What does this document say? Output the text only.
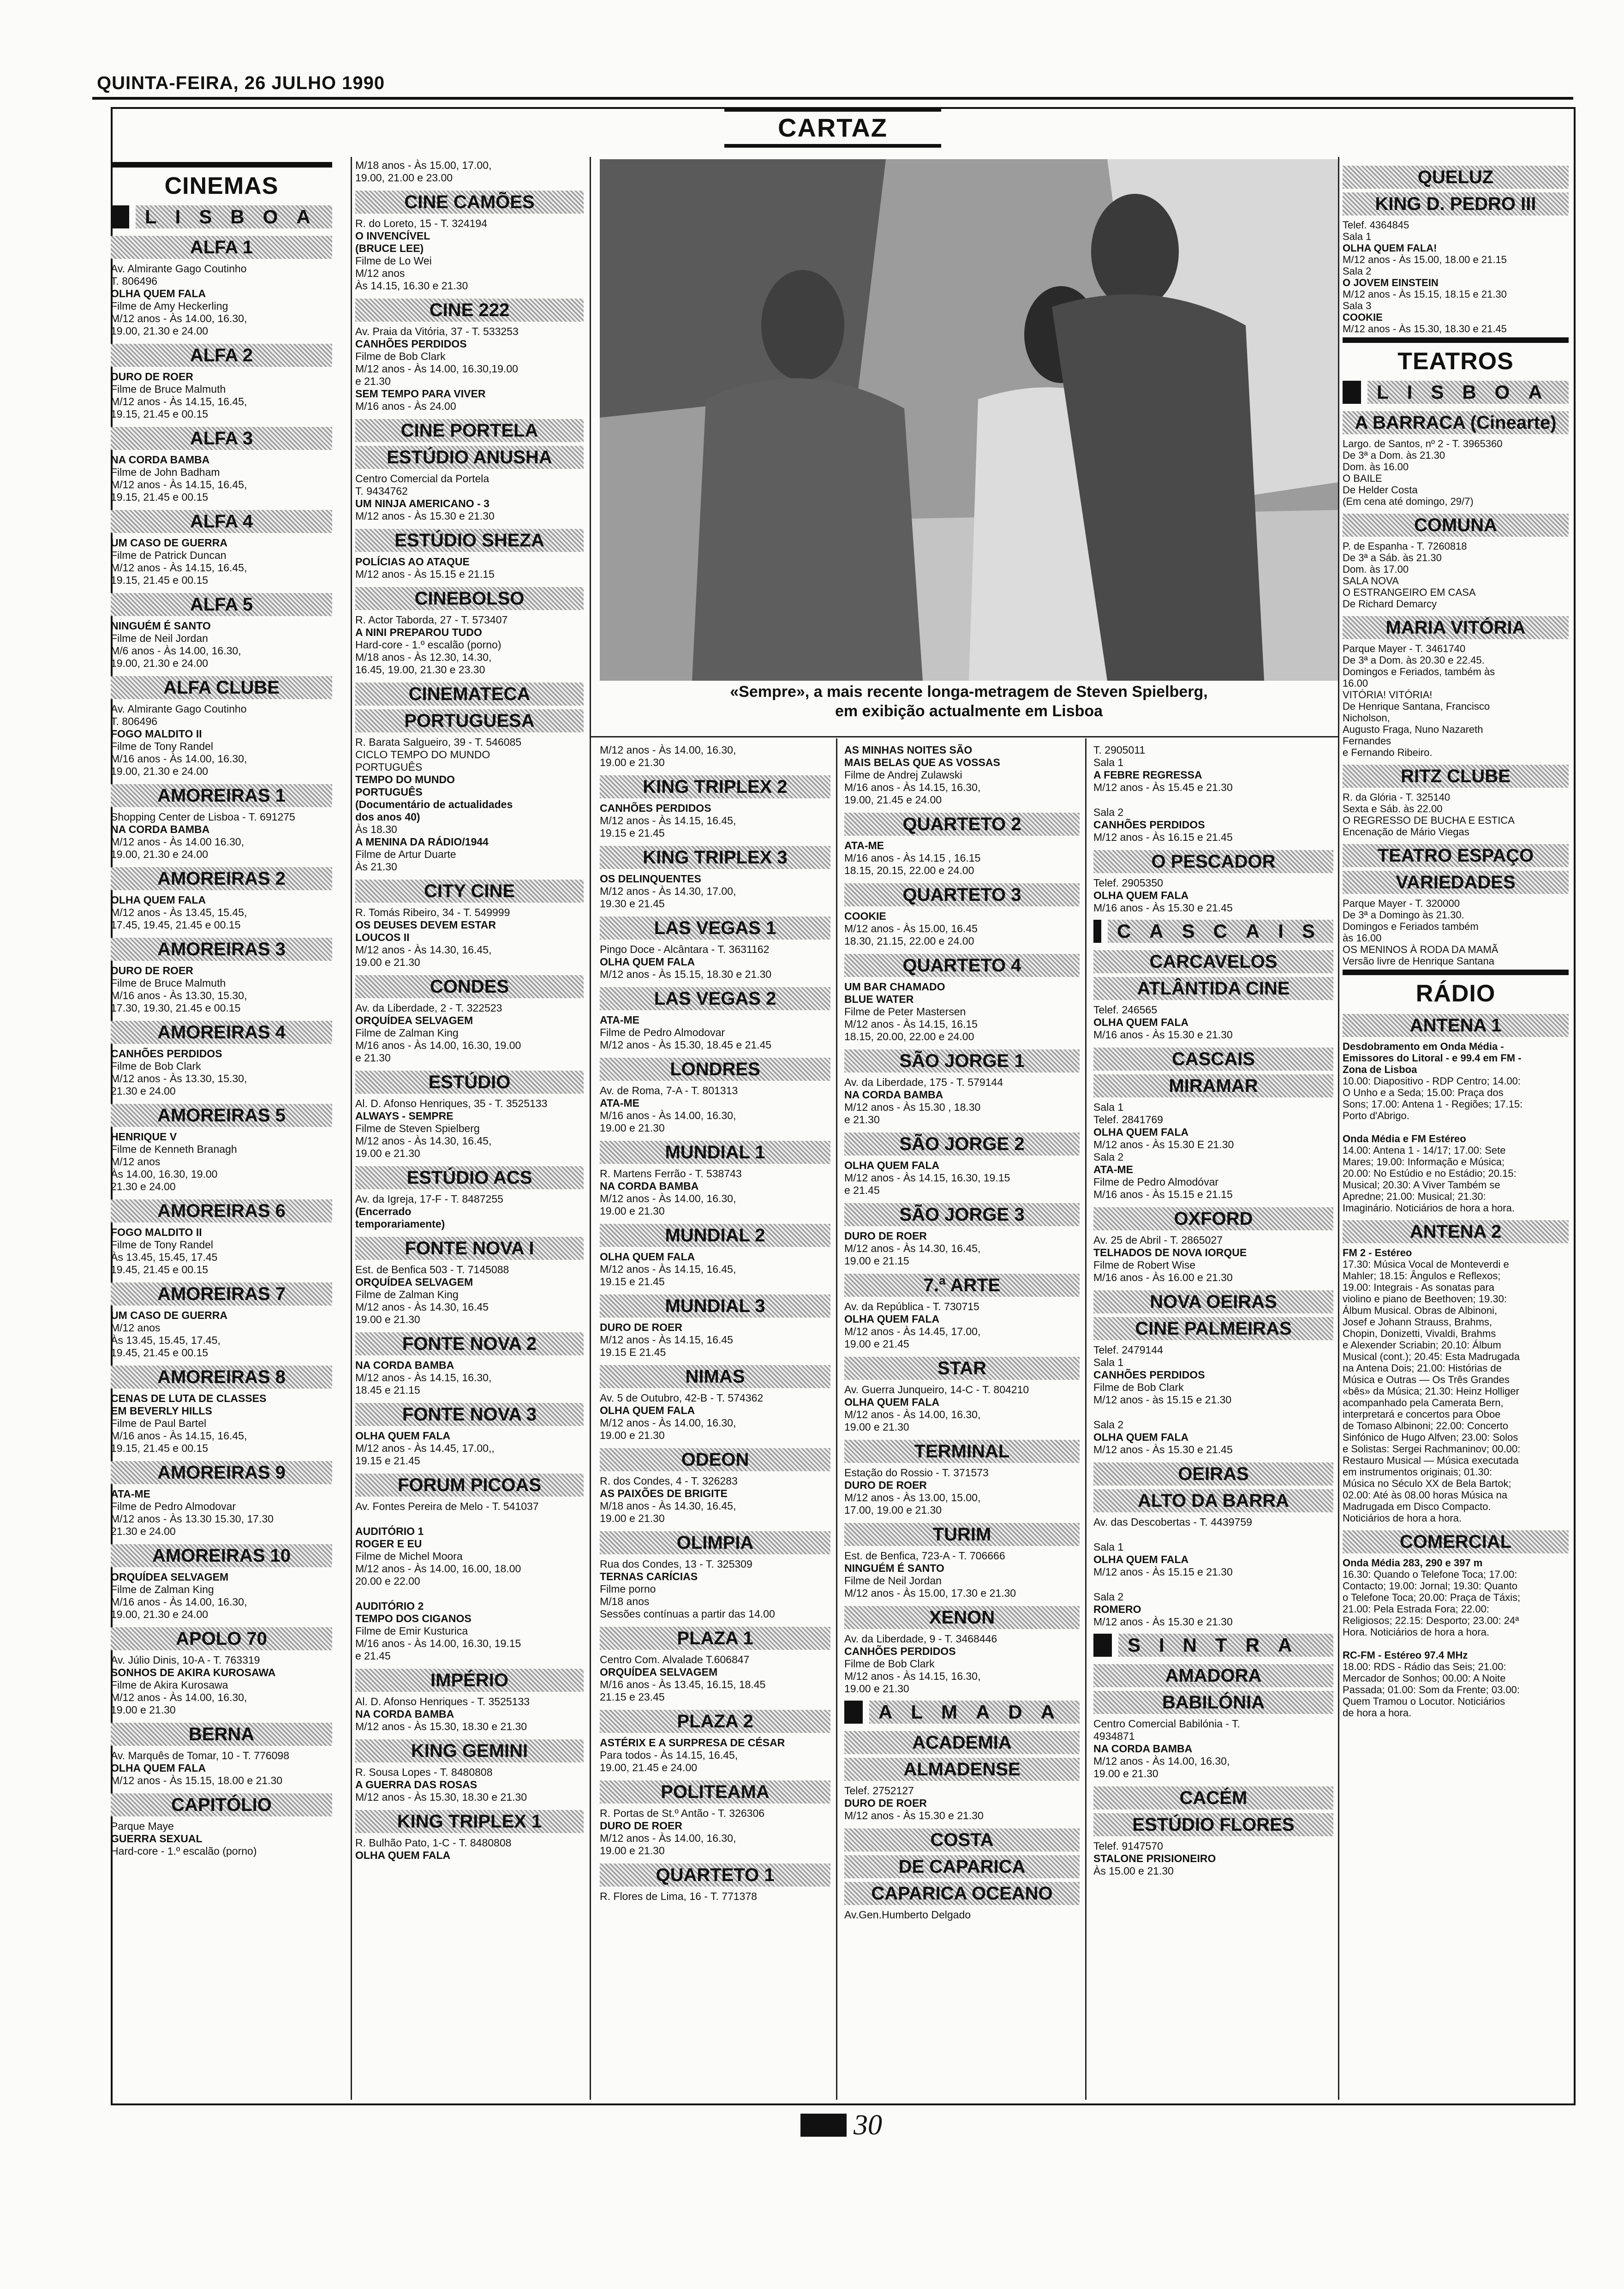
QUINTA-FEIRA, 26 JULHO 1990
CARTAZ
«Sempre», a mais recente longa-metragem de Steven Spielberg,
em exibição actualmente em Lisboa
CINEMAS
LISBOA
ALFA 1
Av. Almirante Gago Coutinho
T. 806496
OLHA QUEM FALA
Filme de Amy Heckerling
M/12 anos - Às 14.00, 16.30,
19.00, 21.30 e 24.00
ALFA 2
DURO DE ROER
Filme de Bruce Malmuth
M/12 anos - Às 14.15, 16.45,
19.15, 21.45 e 00.15
ALFA 3
NA CORDA BAMBA
Filme de John Badham
M/12 anos - Às 14.15, 16.45,
19.15, 21.45 e 00.15
ALFA 4
UM CASO DE GUERRA
Filme de Patrick Duncan
M/12 anos - Às 14.15, 16.45,
19.15, 21.45 e 00.15
ALFA 5
NINGUÉM É SANTO
Filme de Neil Jordan
M/6 anos - Às 14.00, 16.30,
19.00, 21.30 e 24.00
ALFA CLUBE
Av. Almirante Gago Coutinho
T. 806496
FOGO MALDITO II
Filme de Tony Randel
M/16 anos - Às 14.00, 16.30,
19.00, 21.30 e 24.00
AMOREIRAS 1
Shopping Center de Lisboa - T. 691275
NA CORDA BAMBA
M/12 anos - Às 14.00 16.30,
19.00, 21.30 e 24.00
AMOREIRAS 2
OLHA QUEM FALA
M/12 anos - Às 13.45, 15.45,
17.45, 19.45, 21.45 e 00.15
AMOREIRAS 3
DURO DE ROER
Filme de Bruce Malmuth
M/16 anos - Às 13.30, 15.30,
17.30, 19.30, 21.45 e 00.15
AMOREIRAS 4
CANHÕES PERDIDOS
Filme de Bob Clark
M/12 anos - Às 13.30, 15.30,
21.30 e 24.00
AMOREIRAS 5
HENRIQUE V
Filme de Kenneth Branagh
M/12 anos
Às 14.00, 16.30, 19.00
21.30 e 24.00
AMOREIRAS 6
FOGO MALDITO II
Filme de Tony Randel
Às 13.45, 15.45, 17.45
19.45, 21.45 e 00.15
AMOREIRAS 7
UM CASO DE GUERRA
M/12 anos
Às 13.45, 15.45, 17.45,
19.45, 21.45 e 00.15
AMOREIRAS 8
CENAS DE LUTA DE CLASSES
EM BEVERLY HILLS
Filme de Paul Bartel
M/16 anos - Às 14.15, 16.45,
19.15, 21.45 e 00.15
AMOREIRAS 9
ATA-ME
Filme de Pedro Almodovar
M/12 anos - Às 13.30 15.30, 17.30
21.30 e 24.00
AMOREIRAS 10
ORQUÍDEA SELVAGEM
Filme de Zalman King
M/16 anos - Às 14.00, 16.30,
19.00, 21.30 e 24.00
APOLO 70
Av. Júlio Dinis, 10-A - T. 763319
SONHOS DE AKIRA KUROSAWA
Filme de Akira Kurosawa
M/12 anos - Às 14.00, 16.30,
19.00 e 21.30
BERNA
Av. Marquês de Tomar, 10 - T. 776098
OLHA QUEM FALA
M/12 anos - Às 15.15, 18.00 e 21.30
CAPITÓLIO
Parque Maye
GUERRA SEXUAL
Hard-core - 1.º escalão (porno)
M/18 anos - Às 15.00, 17.00,
19.00, 21.00 e 23.00
CINE CAMÕES
R. do Loreto, 15 - T. 324194
O INVENCÍVEL
(BRUCE LEE)
Filme de Lo Wei
M/12 anos
Às 14.15, 16.30 e 21.30
CINE 222
Av. Praia da Vitória, 37 - T. 533253
CANHÕES PERDIDOS
Filme de Bob Clark
M/12 anos - Às 14.00, 16.30,19.00
e 21.30
SEM TEMPO PARA VIVER
M/16 anos - Às 24.00
CINE PORTELA
ESTÚDIO ANUSHA
Centro Comercial da Portela
T. 9434762
UM NINJA AMERICANO - 3
M/12 anos - Às 15.30 e 21.30
ESTÚDIO SHEZA
POLÍCIAS AO ATAQUE
M/12 anos - Às 15.15 e 21.15
CINEBOLSO
R. Actor Taborda, 27 - T. 573407
A NINI PREPAROU TUDO
Hard-core - 1.º escalão (porno)
M/18 anos - Às 12.30, 14.30,
16.45, 19.00, 21.30 e 23.30
CINEMATECA
PORTUGUESA
R. Barata Salgueiro, 39 - T. 546085
CICLO TEMPO DO MUNDO
PORTUGUÊS
TEMPO DO MUNDO
PORTUGUÊS
(Documentário de actualidades
dos anos 40)
Às 18.30
A MENINA DA RÁDIO/1944
Filme de Artur Duarte
Às 21.30
CITY CINE
R. Tomás Ribeiro, 34 - T. 549999
OS DEUSES DEVEM ESTAR
LOUCOS II
M/12 anos - Às 14.30, 16.45,
19.00 e 21.30
CONDES
Av. da Liberdade, 2 - T. 322523
ORQUÍDEA SELVAGEM
Filme de Zalman King
M/16 anos - Às 14.00, 16.30, 19.00
e 21.30
ESTÚDIO
Al. D. Afonso Henriques, 35 - T. 3525133
ALWAYS - SEMPRE
Filme de Steven Spielberg
M/12 anos - Às 14.30, 16.45,
19.00 e 21.30
ESTÚDIO ACS
Av. da Igreja, 17-F - T. 8487255
(Encerrado
temporariamente)
FONTE NOVA I
Est. de Benfica 503 - T. 7145088
ORQUÍDEA SELVAGEM
Filme de Zalman King
M/12 anos - Às 14.30, 16.45
19.00 e 21.30
FONTE NOVA 2
NA CORDA BAMBA
M/12 anos - Às 14.15, 16.30,
18.45 e 21.15
FONTE NOVA 3
OLHA QUEM FALA
M/12 anos - Às 14.45, 17.00,,
19.15 e 21.45
FORUM PICOAS
Av. Fontes Pereira de Melo - T. 541037

AUDITÓRIO 1
ROGER E EU
Filme de Michel Moora
M/12 anos - Às 14.00, 16.00, 18.00
20.00 e 22.00

AUDITÓRIO 2
TEMPO DOS CIGANOS
Filme de Emir Kusturica
M/16 anos - Às 14.00, 16.30, 19.15
e 21.45
IMPÉRIO
Al. D. Afonso Henriques - T. 3525133
NA CORDA BAMBA
M/12 anos - Às 15.30, 18.30 e 21.30
KING GEMINI
R. Sousa Lopes - T. 8480808
A GUERRA DAS ROSAS
M/12 anos - Às 15.30, 18.30 e 21.30
KING TRIPLEX 1
R. Bulhão Pato, 1-C - T. 8480808
OLHA QUEM FALA
M/12 anos - Às 14.00, 16.30,
19.00 e 21.30
KING TRIPLEX 2
CANHÕES PERDIDOS
M/12 anos - Às 14.15, 16.45,
19.15 e 21.45
KING TRIPLEX 3
OS DELINQUENTES
M/12 anos - Às 14.30, 17.00,
19.30 e 21.45
LAS VEGAS 1
Pingo Doce - Alcântara - T. 3631162
OLHA QUEM FALA
M/12 anos - Às 15.15, 18.30 e 21.30
LAS VEGAS 2
ATA-ME
Filme de Pedro Almodovar
M/12 anos - Às 15.30, 18.45 e 21.45
LONDRES
Av. de Roma, 7-A - T. 801313
ATA-ME
M/16 anos - Às 14.00, 16.30,
19.00 e 21.30
MUNDIAL 1
R. Martens Ferrão - T. 538743
NA CORDA BAMBA
M/12 anos - Às 14.00, 16.30,
19.00 e 21.30
MUNDIAL 2
OLHA QUEM FALA
M/12 anos - Às 14.15, 16.45,
19.15 e 21.45
MUNDIAL 3
DURO DE ROER
M/12 anos - Às 14.15, 16.45
19.15 E 21.45
NIMAS
Av. 5 de Outubro, 42-B - T. 574362
OLHA QUEM FALA
M/12 anos - Às 14.00, 16.30,
19.00 e 21.30
ODEON
R. dos Condes, 4 - T. 326283
AS PAIXÕES DE BRIGITE
M/18 anos - Às 14.30, 16.45,
19.00 e 21.30
OLIMPIA
Rua dos Condes, 13 - T. 325309
TERNAS CARÍCIAS
Filme porno
M/18 anos
Sessões contínuas a partir das 14.00
PLAZA 1
Centro Com. Alvalade T.606847
ORQUÍDEA SELVAGEM
M/16 anos - Às 13.45, 16.15, 18.45
21.15 e 23.45
PLAZA 2
ASTÉRIX E A SURPRESA DE CÉSAR
Para todos - Às 14.15, 16.45,
19.00, 21.45 e 24.00
POLITEAMA
R. Portas de St.º Antão - T. 326306
DURO DE ROER
M/12 anos - Às 14.00, 16.30,
19.00 e 21.30
QUARTETO 1
R. Flores de Lima, 16 - T. 771378
AS MINHAS NOITES SÃO
MAIS BELAS QUE AS VOSSAS
Filme de Andrej Zulawski
M/16 anos - Às 14.15, 16.30,
19.00, 21.45 e 24.00
QUARTETO 2
ATA-ME
M/16 anos - Às 14.15 , 16.15
18.15, 20.15, 22.00 e 24.00
QUARTETO 3
COOKIE
M/12 anos - Às 15.00, 16.45
18.30, 21.15, 22.00 e 24.00
QUARTETO 4
UM BAR CHAMADO
BLUE WATER
Filme de Peter Mastersen
M/12 anos - Às 14.15, 16.15
18.15, 20.00, 22.00 e 24.00
SÃO JORGE 1
Av. da Liberdade, 175 - T. 579144
NA CORDA BAMBA
M/12 anos - Às 15.30 , 18.30
e 21.30
SÃO JORGE 2
OLHA QUEM FALA
M/12 anos - Às 14.15, 16.30, 19.15
e 21.45
SÃO JORGE 3
DURO DE ROER
M/12 anos - Às 14.30, 16.45,
19.00 e 21.15
7.ª ARTE
Av. da República - T. 730715
OLHA QUEM FALA
M/12 anos - Às 14.45, 17.00,
19.00 e 21.45
STAR
Av. Guerra Junqueiro, 14-C - T. 804210
OLHA QUEM FALA
M/12 anos - Às 14.00, 16.30,
19.00 e 21.30
TERMINAL
Estação do Rossio - T. 371573
DURO DE ROER
M/12 anos - Às 13.00, 15.00,
17.00, 19.00 e 21.30
TURIM
Est. de Benfica, 723-A - T. 706666
NINGUÉM É SANTO
Filme de Neil Jordan
M/12 anos - Às 15.00, 17.30 e 21.30
XENON
Av. da Liberdade, 9 - T. 3468446
CANHÕES PERDIDOS
Filme de Bob Clark
M/12 anos - Às 14.15, 16.30,
19.00 e 21.30
ALMADA
ACADEMIA
ALMADENSE
Telef. 2752127
DURO DE ROER
M/12 anos - Às 15.30 e 21.30
COSTA
DE CAPARICA
CAPARICA OCEANO
Av.Gen.Humberto Delgado
T. 2905011
Sala 1
A FEBRE REGRESSA
M/12 anos - Às 15.45 e 21.30

Sala 2
CANHÕES PERDIDOS
M/12 anos - Às 16.15 e 21.45
O PESCADOR
Telef. 2905350
OLHA QUEM FALA
M/16 anos - Às 15.30 e 21.45
CASCAIS
CARCAVELOS
ATLÂNTIDA CINE
Telef. 246565
OLHA QUEM FALA
M/16 anos - Às 15.30 e 21.30
CASCAIS
MIRAMAR
Sala 1
Telef. 2841769
OLHA QUEM FALA
M/12 anos - Às 15.30 E 21.30
Sala 2
ATA-ME
Filme de Pedro Almodóvar
M/16 anos - Às 15.15 e 21.15
OXFORD
Av. 25 de Abril - T. 2865027
TELHADOS DE NOVA IORQUE
Filme de Robert Wise
M/16 anos - Às 16.00 e 21.30
NOVA OEIRAS
CINE PALMEIRAS
Telef. 2479144
Sala 1
CANHÕES PERDIDOS
Filme de Bob Clark
M/12 anos - às 15.15 e 21.30

Sala 2
OLHA QUEM FALA
M/12 anos - Às 15.30 e 21.45
OEIRAS
ALTO DA BARRA
Av. das Descobertas - T. 4439759

Sala 1
OLHA QUEM FALA
M/12 anos - Às 15.15 e 21.30

Sala 2
ROMERO
M/12 anos - Às 15.30 e 21.30
SINTRA
AMADORA
BABILÓNIA
Centro Comercial Babilónia - T.
4934871
NA CORDA BAMBA
M/12 anos - Às 14.00, 16.30,
19.00 e 21.30
CACÉM
ESTÚDIO FLORES
Telef. 9147570
STALONE PRISIONEIRO
Às 15.00 e 21.30
QUELUZ
KING D. PEDRO III
Telef. 4364845
Sala 1
OLHA QUEM FALA!
M/12 anos - Às 15.00, 18.00 e 21.15
Sala 2
O JOVEM EINSTEIN
M/12 anos - Às 15.15, 18.15 e 21.30
Sala 3
COOKIE
M/12 anos - Às 15.30, 18.30 e 21.45
TEATROS
LISBOA
A BARRACA (Cinearte)
Largo. de Santos, nº 2 - T. 3965360
De 3ª a Dom. às 21.30
Dom. às 16.00
O BAILE
De Helder Costa
(Em cena até domingo, 29/7)
COMUNA
P. de Espanha - T. 7260818
De 3ª a Sáb. às 21.30
Dom. às 17.00
SALA NOVA
O ESTRANGEIRO EM CASA
De Richard Demarcy
MARIA VITÓRIA
Parque Mayer - T. 3461740
De 3ª a Dom. às 20.30 e 22.45.
Domingos e Feriados, também às
16.00
VITÓRIA! VITÓRIA!
De Henrique Santana, Francisco
Nicholson,
Augusto Fraga, Nuno Nazareth
Fernandes
e Fernando Ribeiro.
RITZ CLUBE
R. da Glória - T. 325140
Sexta e Sáb. às 22.00
O REGRESSO DE BUCHA E ESTICA
Encenação de Mário Viegas
TEATRO ESPAÇO
VARIEDADES
Parque Mayer - T. 320000
De 3ª a Domingo às 21.30.
Domingos e Feriados também
às 16.00
OS MENINOS À RODA DA MAMÃ
Versão livre de Henrique Santana
RÁDIO
ANTENA 1
Desdobramento em Onda Média -
Emissores do Litoral - e 99.4 em FM -
Zona de Lisboa
10.00: Diapositivo - RDP Centro; 14.00:
O Unho e a Seda; 15.00: Praça dos
Sons; 17.00: Antena 1 - Regiões; 17.15:
Porto d'Abrigo.

Onda Média e FM Estéreo
14.00: Antena 1 - 14/17; 17.00: Sete
Mares; 19.00: Informação e Música;
20.00: No Estúdio e no Estádio; 20.15:
Musical; 20.30: A Viver Também se
Apredne; 21.00: Musical; 21.30:
Imaginário. Noticiários de hora a hora.
ANTENA 2
FM 2 - Estéreo
17.30: Música Vocal de Monteverdi e
Mahler; 18.15: Ângulos e Reflexos;
19.00: Integrais - As sonatas para
violino e piano de Beethoven; 19.30:
Álbum Musical. Obras de Albinoni,
Josef e Johann Strauss, Brahms,
Chopin, Donizetti, Vivaldi, Brahms
e Alexender Scriabin; 20.10: Álbum
Musical (cont.); 20.45: Esta Madrugada
na Antena Dois; 21.00: Histórias de
Música e Outras — Os Três Grandes
«bês» da Música; 21.30: Heinz Holliger
acompanhado pela Camerata Bern,
interpretará e concertos para Oboe
de Tomaso Albinoni; 22.00: Concerto
Sinfónico de Hugo Alfven; 23.00: Solos
e Solistas: Sergei Rachmaninov; 00.00:
Restauro Musical — Música executada
em instrumentos originais; 01.30:
Música no Século XX de Bela Bartok;
02.00: Até às 08.00 horas Música na
Madrugada em Disco Compacto.
Noticiários de hora a hora.
COMERCIAL
Onda Média 283, 290 e 397 m
16.30: Quando o Telefone Toca; 17.00:
Contacto; 19.00: Jornal; 19.30: Quanto
o Telefone Toca; 20.00: Praça de Táxis;
21.00: Pela Estrada Fora; 22.00:
Religiosos; 22.15: Desporto; 23.00: 24ª
Hora. Noticiários de hora a hora.

RC-FM - Estéreo 97.4 MHz
18.00: RDS - Rádio das Seis; 21.00:
Mercador de Sonhos; 00.00: A Noite
Passada; 01.00: Som da Frente; 03.00:
Quem Tramou o Locutor. Noticiários
de hora a hora.
30
